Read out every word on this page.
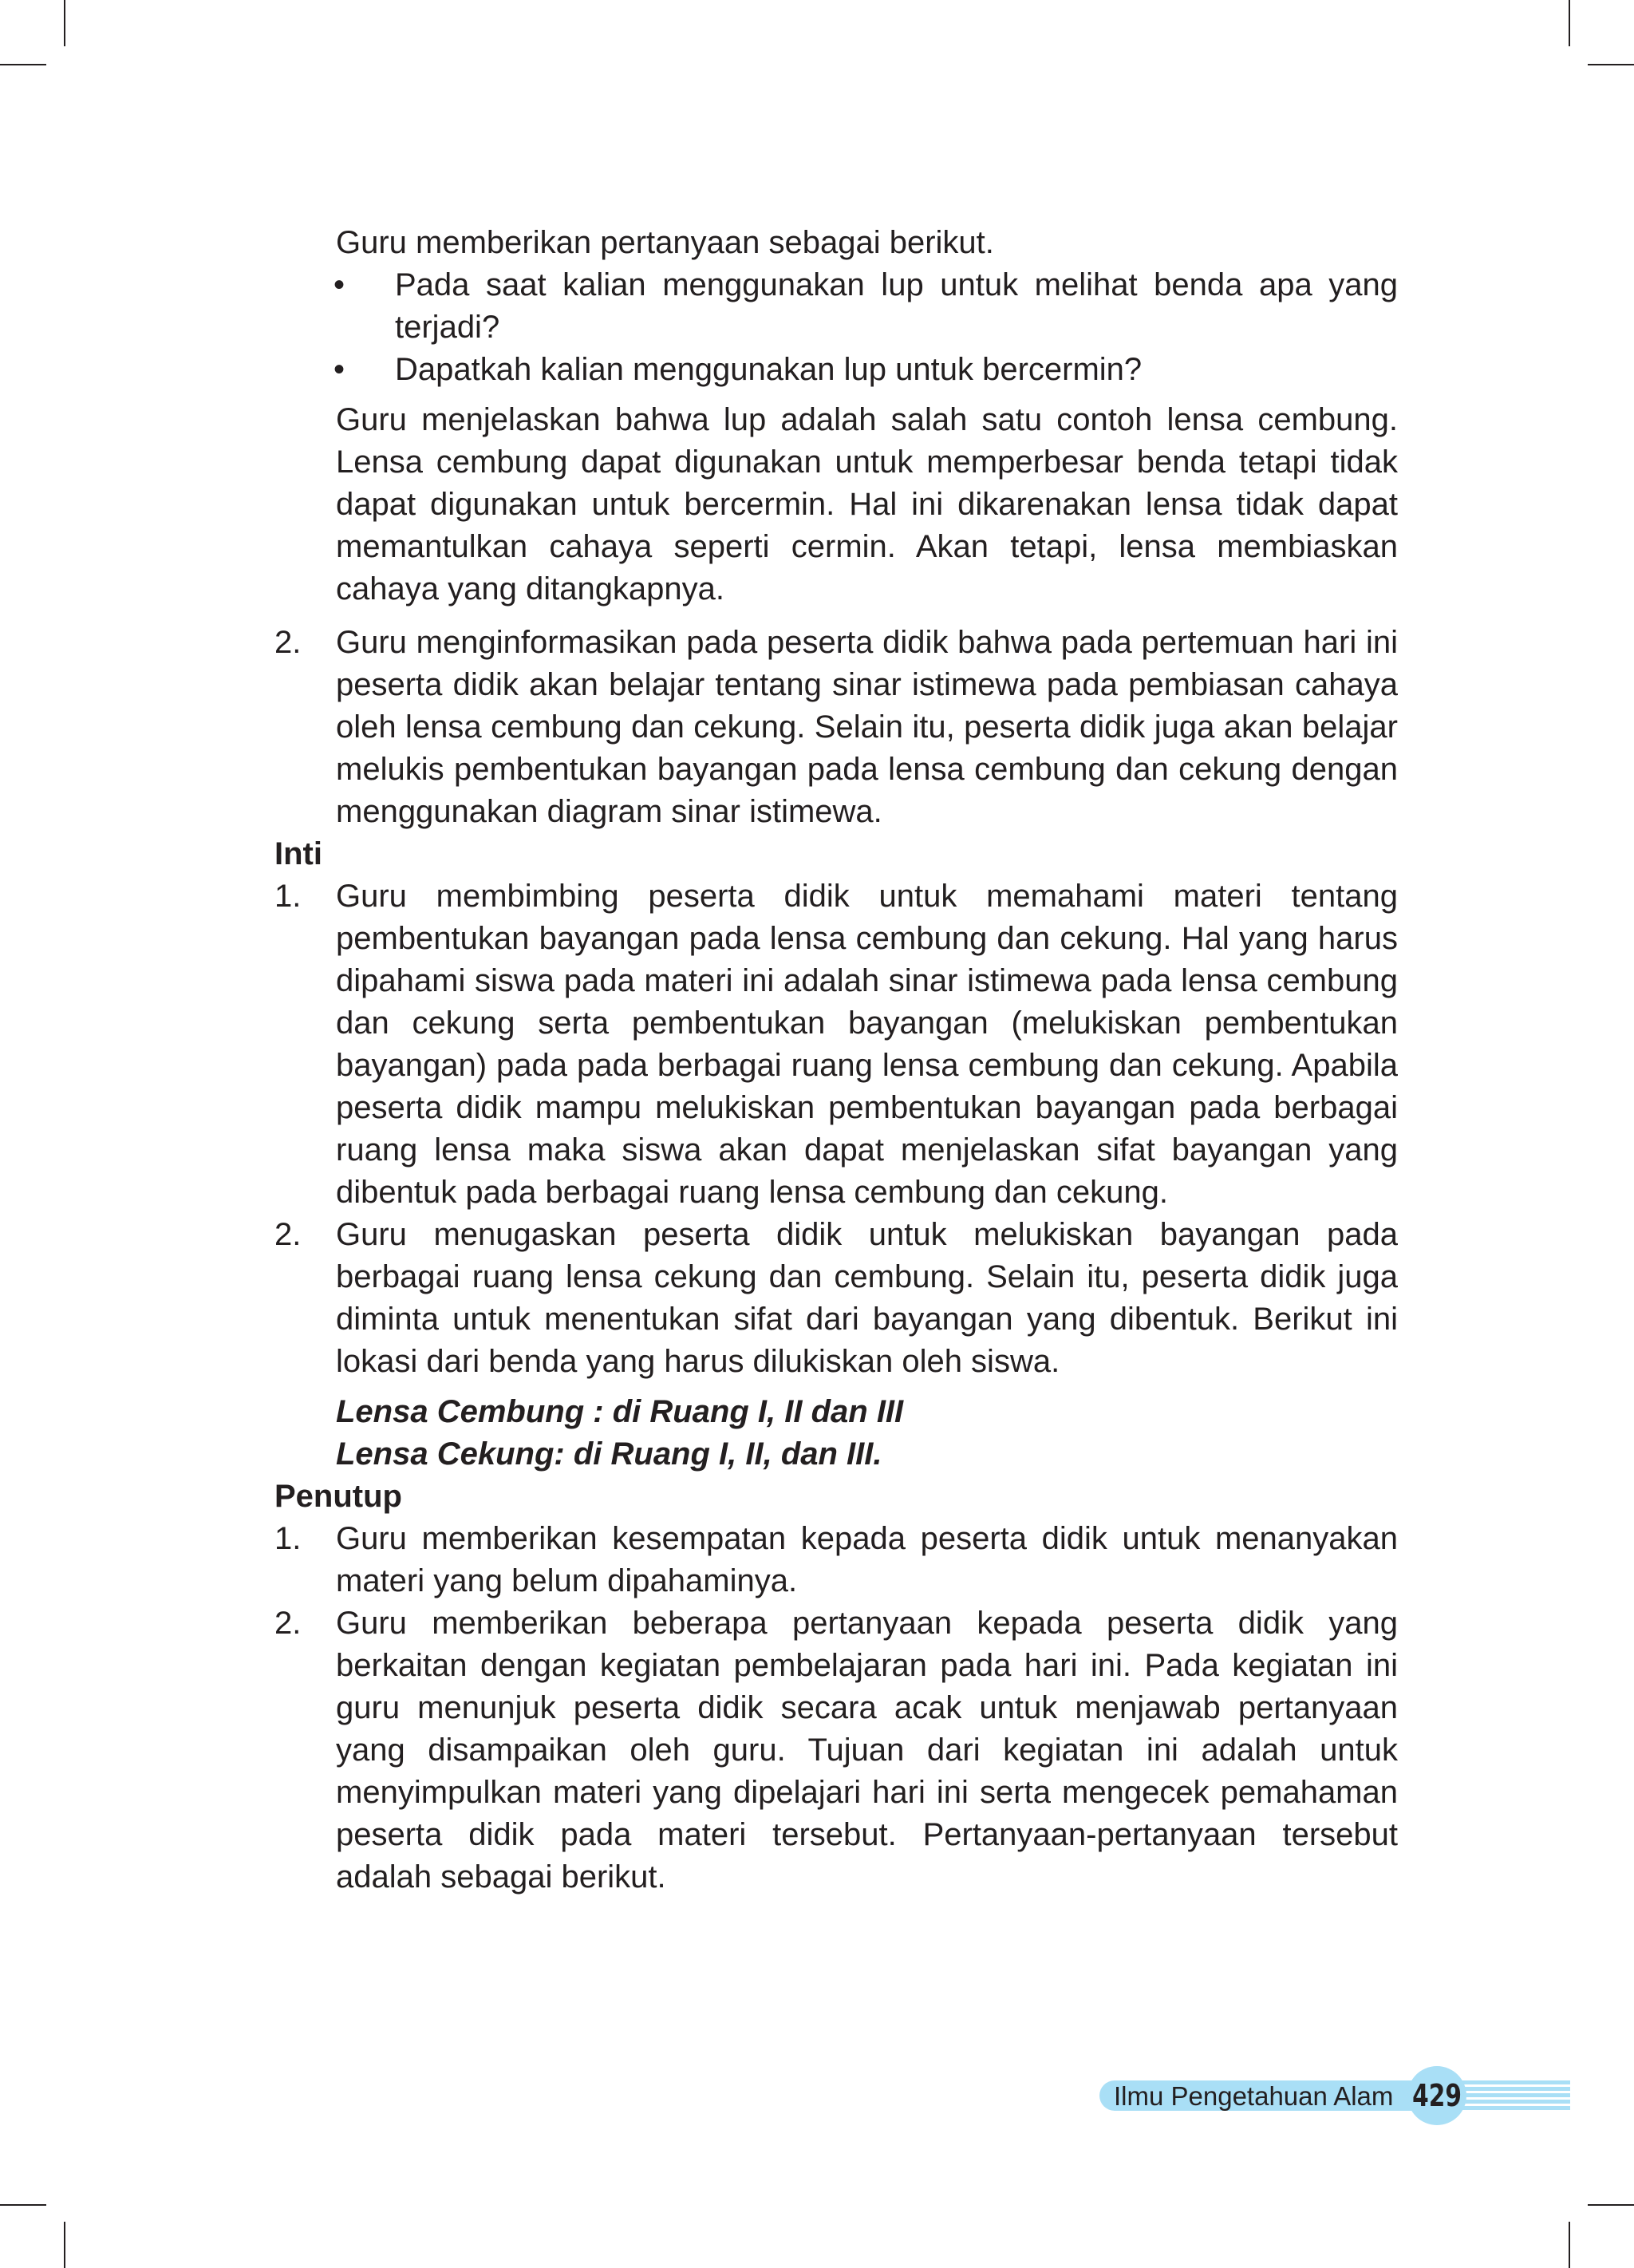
Guru memberikan pertanyaan sebagai berikut.

•	Pada saat kalian menggunakan lup untuk melihat benda apa yang terjadi?
•	Dapatkah kalian menggunakan lup untuk bercermin?

Guru menjelaskan bahwa lup adalah salah satu contoh lensa cembung. Lensa cembung dapat digunakan untuk memperbesar benda tetapi tidak dapat digunakan untuk bercermin. Hal ini dikarenakan lensa tidak dapat memantulkan cahaya seperti cermin. Akan tetapi, lensa membiaskan cahaya yang ditangkapnya.

2.	Guru menginformasikan pada peserta didik bahwa pada pertemuan hari ini peserta didik akan belajar tentang sinar istimewa pada pembiasan cahaya oleh lensa cembung dan cekung. Selain itu, peserta didik juga akan belajar melukis pembentukan bayangan pada lensa cembung dan cekung dengan menggunakan diagram sinar istimewa.

Inti

1.	Guru membimbing peserta didik untuk memahami materi tentang pembentukan bayangan pada lensa cembung dan cekung. Hal yang harus dipahami siswa pada materi ini adalah sinar istimewa pada lensa cembung dan cekung serta pembentukan bayangan (melukiskan pembentukan bayangan) pada pada berbagai ruang lensa cembung dan cekung. Apabila peserta didik mampu melukiskan pembentukan bayangan pada berbagai ruang lensa maka siswa akan dapat menjelaskan sifat bayangan yang dibentuk pada berbagai ruang lensa cembung dan cekung.
2.	Guru menugaskan peserta didik untuk melukiskan bayangan pada berbagai ruang lensa cekung dan cembung. Selain itu, peserta didik juga diminta untuk menentukan sifat dari bayangan yang dibentuk. Berikut ini lokasi dari benda yang harus dilukiskan oleh siswa.

Lensa Cembung : di Ruang I, II dan III

Lensa Cekung: di Ruang I, II, dan III.

Penutup

1.	Guru memberikan kesempatan kepada peserta didik untuk menanyakan materi yang belum dipahaminya.
2.	Guru memberikan beberapa pertanyaan kepada peserta didik yang berkaitan dengan kegiatan pembelajaran pada hari ini. Pada kegiatan ini guru menunjuk peserta didik secara acak untuk menjawab pertanyaan yang disampaikan oleh guru. Tujuan dari kegiatan ini adalah untuk menyimpulkan materi yang dipelajari hari ini serta mengecek pemahaman peserta didik pada materi tersebut. Pertanyaan-pertanyaan tersebut adalah sebagai berikut.
Ilmu Pengetahuan Alam 429
